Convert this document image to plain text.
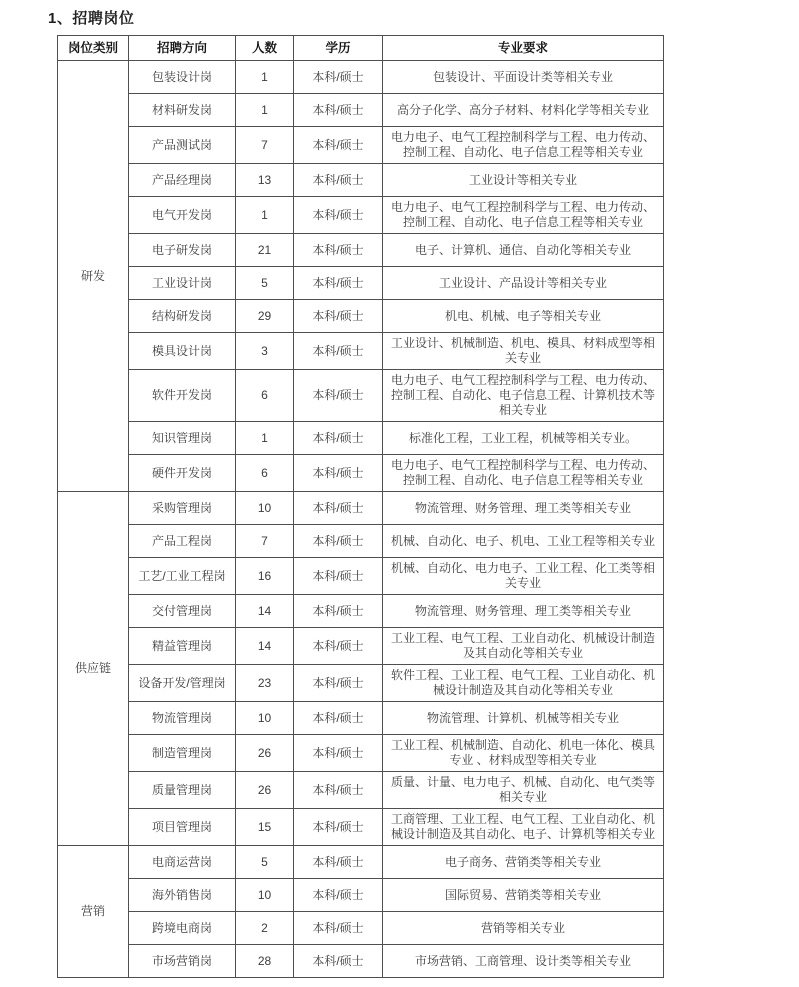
1、招聘岗位
岗位类别	招聘方向	人数	学历	专业要求
研发	包装设计岗	1	本科/硕士	包装设计、平面设计类等相关专业
	材料研发岗	1	本科/硕士	高分子化学、高分子材料、材料化学等相关专业
	产品测试岗	7	本科/硕士	电力电子、电气工程控制科学与工程、电力传动、控制工程、自动化、电子信息工程等相关专业
	产品经理岗	13	本科/硕士	工业设计等相关专业
	电气开发岗	1	本科/硕士	电力电子、电气工程控制科学与工程、电力传动、控制工程、自动化、电子信息工程等相关专业
	电子研发岗	21	本科/硕士	电子、计算机、通信、自动化等相关专业
	工业设计岗	5	本科/硕士	工业设计、产品设计等相关专业
	结构研发岗	29	本科/硕士	机电、机械、电子等相关专业
	模具设计岗	3	本科/硕士	工业设计、机械制造、机电、模具、材料成型等相关专业
	软件开发岗	6	本科/硕士	电力电子、电气工程控制科学与工程、电力传动、控制工程、自动化、电子信息工程、计算机技术等相关专业
	知识管理岗	1	本科/硕士	标准化工程，工业工程，机械等相关专业。
	硬件开发岗	6	本科/硕士	电力电子、电气工程控制科学与工程、电力传动、控制工程、自动化、电子信息工程等相关专业
供应链	采购管理岗	10	本科/硕士	物流管理、财务管理、理工类等相关专业
	产品工程岗	7	本科/硕士	机械、自动化、电子、机电、工业工程等相关专业
	工艺/工业工程岗	16	本科/硕士	机械、自动化、电力电子、工业工程、化工类等相关专业
	交付管理岗	14	本科/硕士	物流管理、财务管理、理工类等相关专业
	精益管理岗	14	本科/硕士	工业工程、电气工程、工业自动化、机械设计制造及其自动化等相关专业
	设备开发/管理岗	23	本科/硕士	软件工程、工业工程、电气工程、工业自动化、机械设计制造及其自动化等相关专业
	物流管理岗	10	本科/硕士	物流管理、计算机、机械等相关专业
	制造管理岗	26	本科/硕士	工业工程、机械制造、自动化、机电一体化、模具专业 、材料成型等相关专业
	质量管理岗	26	本科/硕士	质量、计量、电力电子、机械、自动化、电气类等相关专业
	项目管理岗	15	本科/硕士	工商管理、工业工程、电气工程、工业自动化、机械设计制造及其自动化、电子、计算机等相关专业
营销	电商运营岗	5	本科/硕士	电子商务、营销类等相关专业
	海外销售岗	10	本科/硕士	国际贸易、营销类等相关专业
	跨境电商岗	2	本科/硕士	营销等相关专业
	市场营销岗	28	本科/硕士	市场营销、工商管理、设计类等相关专业
